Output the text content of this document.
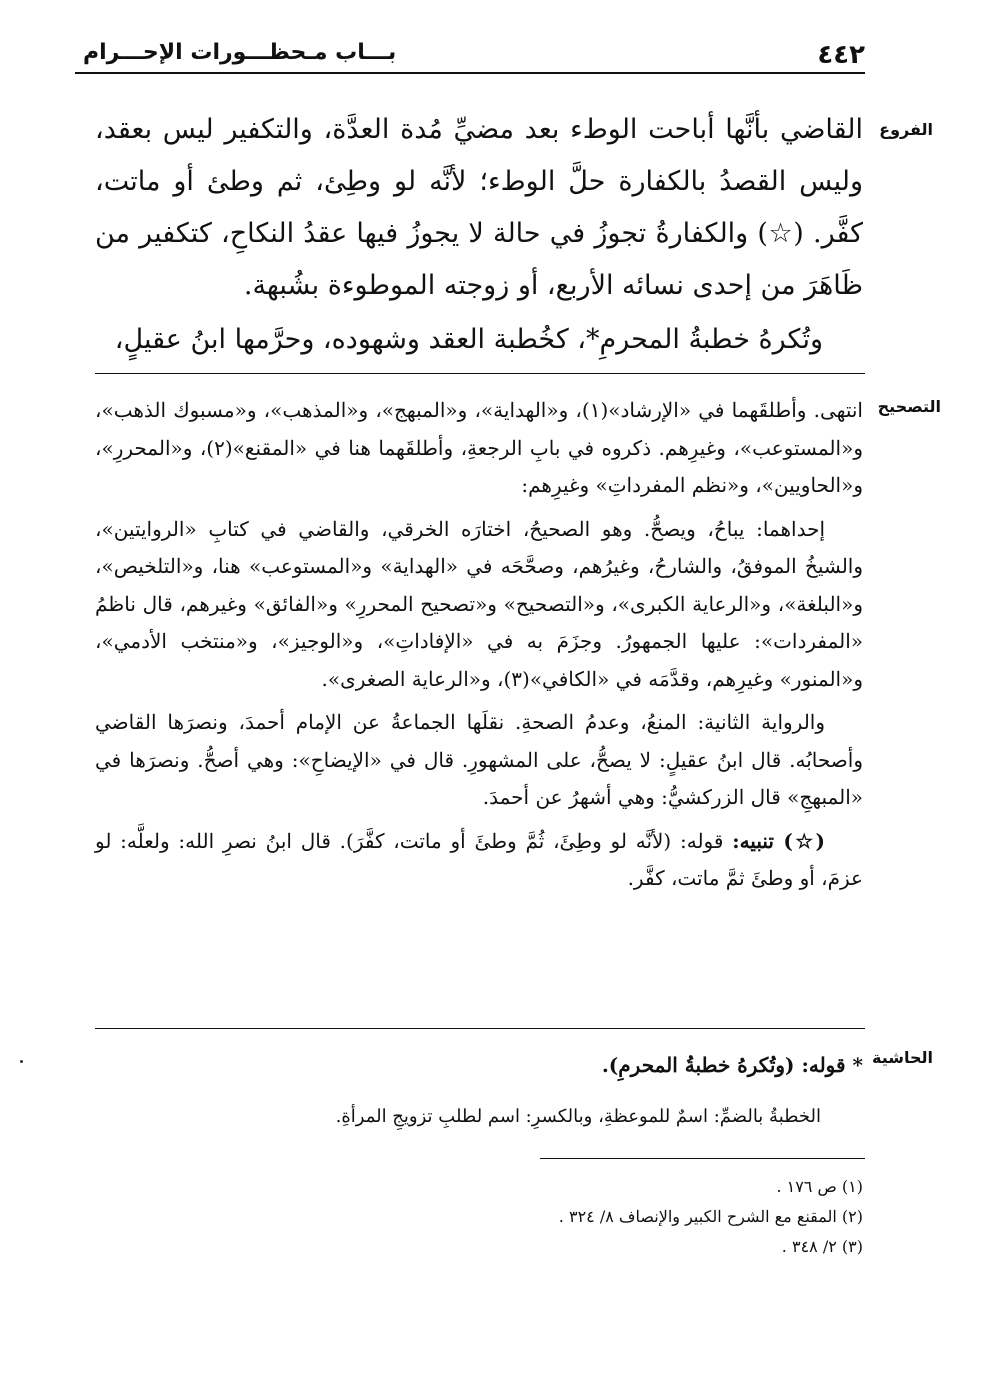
٤٤٢
بـــاب مـحظـــورات الإحـــرام
الفروع

القاضي بأنَّها أباحت الوطء بعد مضيِّ مُدة العدَّة، والتكفير ليس بعقد، وليس القصدُ بالكفارة حلَّ الوطء؛ لأنَّه لو وطِئ، ثم وطئ أو ماتت، كفَّر. (☆) والكفارةُ تجوزُ في حالة لا يجوزُ فيها عقدُ النكاحِ، كتكفير من ظَاهَرَ من إحدى نسائه الأربع، أو زوجته الموطوءة بشُبهة.

وتُكرهُ خطبةُ المحرمِ*، كخُطبة العقد وشهوده، وحرَّمها ابنُ عقيلٍ،

التصحيح

انتهى. وأطلقَهما في «الإرشاد»(١)، و«الهداية»، و«المبهج»، و«المذهب»، و«مسبوك الذهب»، و«المستوعب»، وغيرِهم. ذكروه في بابِ الرجعةِ، وأطلقَهما هنا في «المقنع»(٢)، و«المحررِ»، و«الحاويين»، و«نظم المفرداتِ» وغيرِهم:

إحداهما: يباحُ، ويصحُّ. وهو الصحيحُ، اختارَه الخرقي، والقاضي في كتابِ «الروايتين»، والشيخُ الموفقُ، والشارحُ، وغيرُهم، وصحَّحَه في «الهداية» و«المستوعب» هنا، و«التلخيص»، و«البلغة»، و«الرعاية الكبرى»، و«التصحيح» و«تصحيح المحررِ» و«الفائق» وغيرهم، قال ناظمُ «المفردات»: عليها الجمهورُ. وجزَمَ به في «الإفاداتِ»، و«الوجيز»، و«منتخب الأدمي»، و«المنور» وغيرِهم، وقدَّمَه في «الكافي»(٣)، و«الرعاية الصغرى».

والرواية الثانية: المنعُ، وعدمُ الصحةِ. نقلَها الجماعةُ عن الإمام أحمدَ، ونصرَها القاضي وأصحابُه. قال ابنُ عقيلٍ: لا يصحُّ، على المشهورِ. قال في «الإيضاحِ»: وهي أصحُّ. ونصرَها في «المبهجِ» قال الزركشيُّ: وهي أشهرُ عن أحمدَ.

(☆) تنبيه: قوله: (لأنَّه لو وطِئَ، ثُمَّ وطئَ أو ماتت، كفَّرَ). قال ابنُ نصرِ الله: ولعلَّه: لو عزمَ، أو وطئَ ثمَّ ماتت، كفَّر.

الحاشية

* قوله: (وتُكرهُ خطبةُ المحرمِ).

الخطبةُ بالضمِّ: اسمٌ للموعظةِ، وبالكسرِ: اسم لطلبِ تزويجِ المرأةِ.

(١) ص ١٧٦ .
(٢) المقنع مع الشرح الكبير والإنصاف ٨/ ٣٢٤ .
(٣) ٢/ ٣٤٨ .
